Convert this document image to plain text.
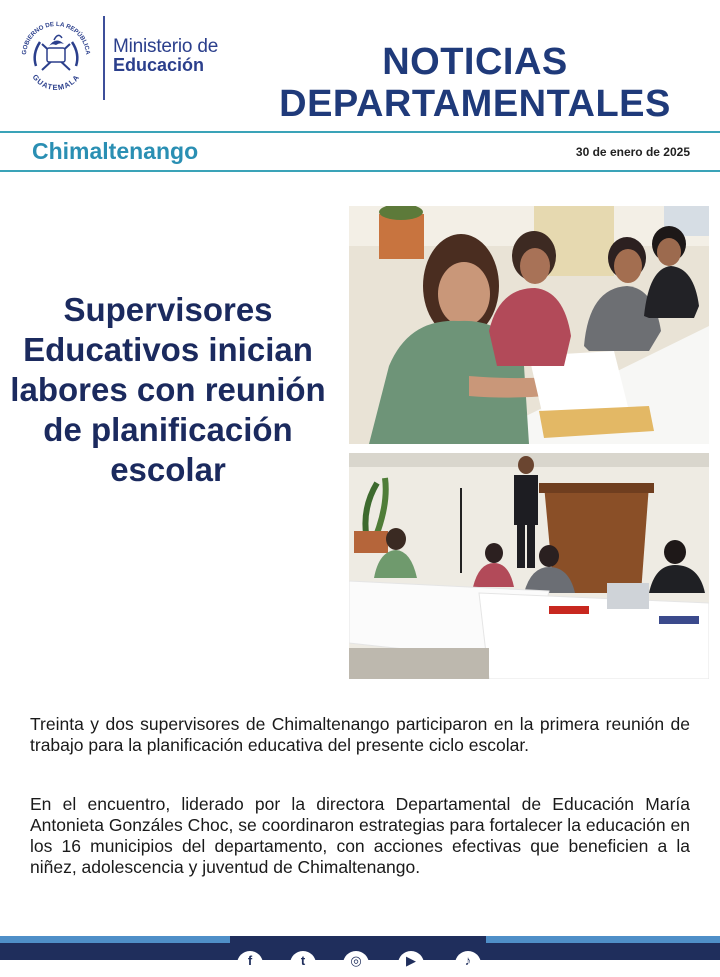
GOBIERNO DE LA REPÚBLICA
GUATEMALA
Ministerio de
Educación	NOTICIAS
DEPARTAMENTALES
Chimaltenango	30 de enero de 2025
Supervisores Educativos inician labores con reunión de planificación escolar
Treinta y dos supervisores de Chimaltenango participaron en la primera reunión de trabajo para la planificación educativa del presente ciclo escolar.
En el encuentro, liderado por la directora Departamental de Educación María Antonieta Gonzáles Choc, se coordinaron estrategias para fortalecer la educación en los 16 municipios del departamento, con acciones efectivas que beneficien a la niñez, adolescencia y juventud de Chimaltenango.
f	t	◎	▶	♪
